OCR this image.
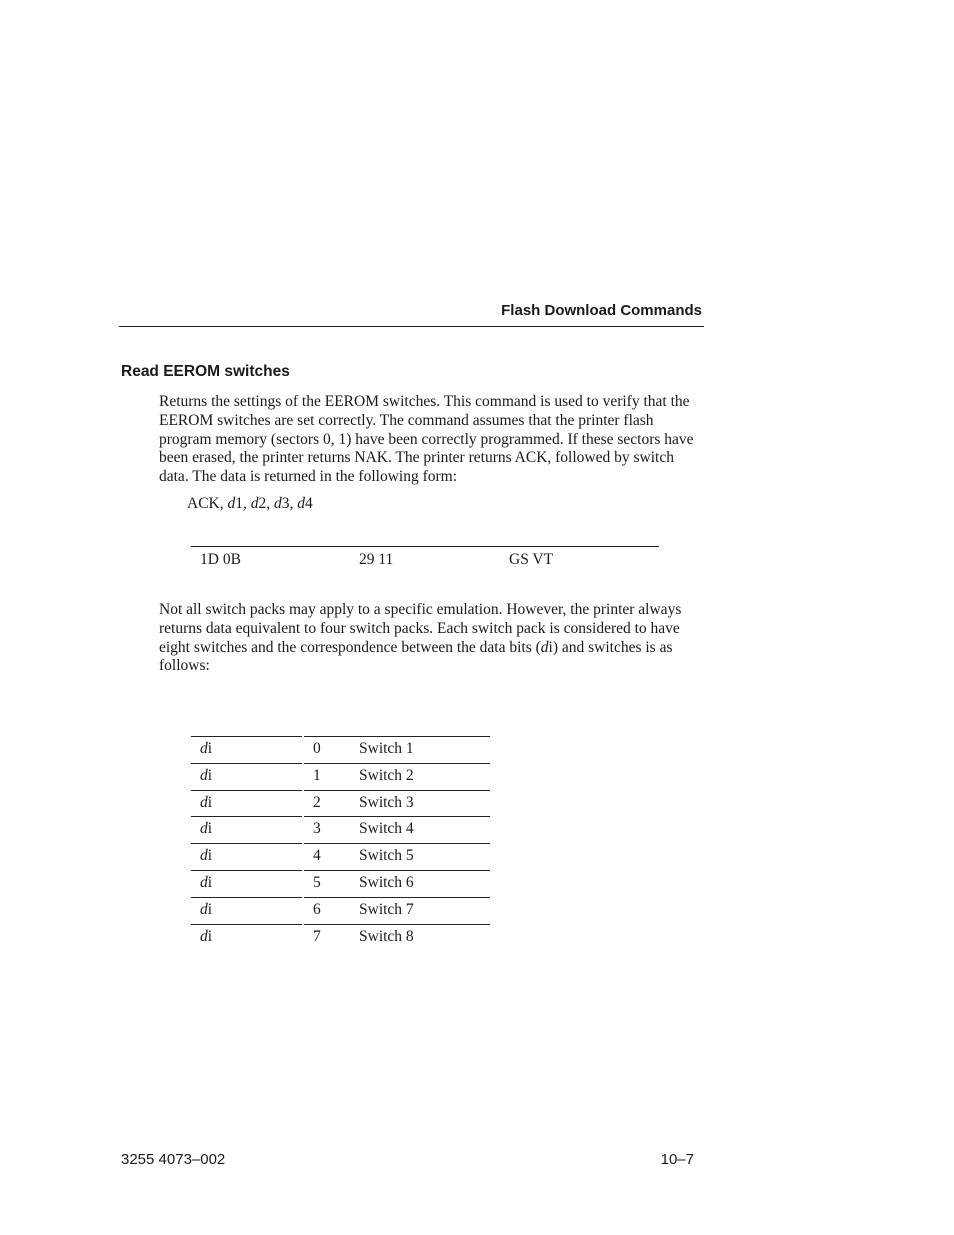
Flash Download Commands
Read EEROM switches

Returns the settings of the EEROM switches. This command is used to verify that the EEROM switches are set correctly. The command assumes that the printer flash program memory (sectors 0, 1) have been correctly programmed. If these sectors have been erased, the printer returns NAK. The printer returns ACK, followed by switch data. The data is returned in the following form:

ACK, d1, d2, d3, d4
1D 0B	29 11	GS VT

Not all switch packs may apply to a specific emulation. However, the printer always returns data equivalent to four switch packs. Each switch pack is considered to have eight switches and the correspondence between the data bits (di) and switches is as follows:

di	0 Switch 1
di	1 Switch 2
di	2 Switch 3
di	3 Switch 4
di	4 Switch 5
di	5 Switch 6
di	6 Switch 7
di	7 Switch 8
3255 4073–002	10–7
